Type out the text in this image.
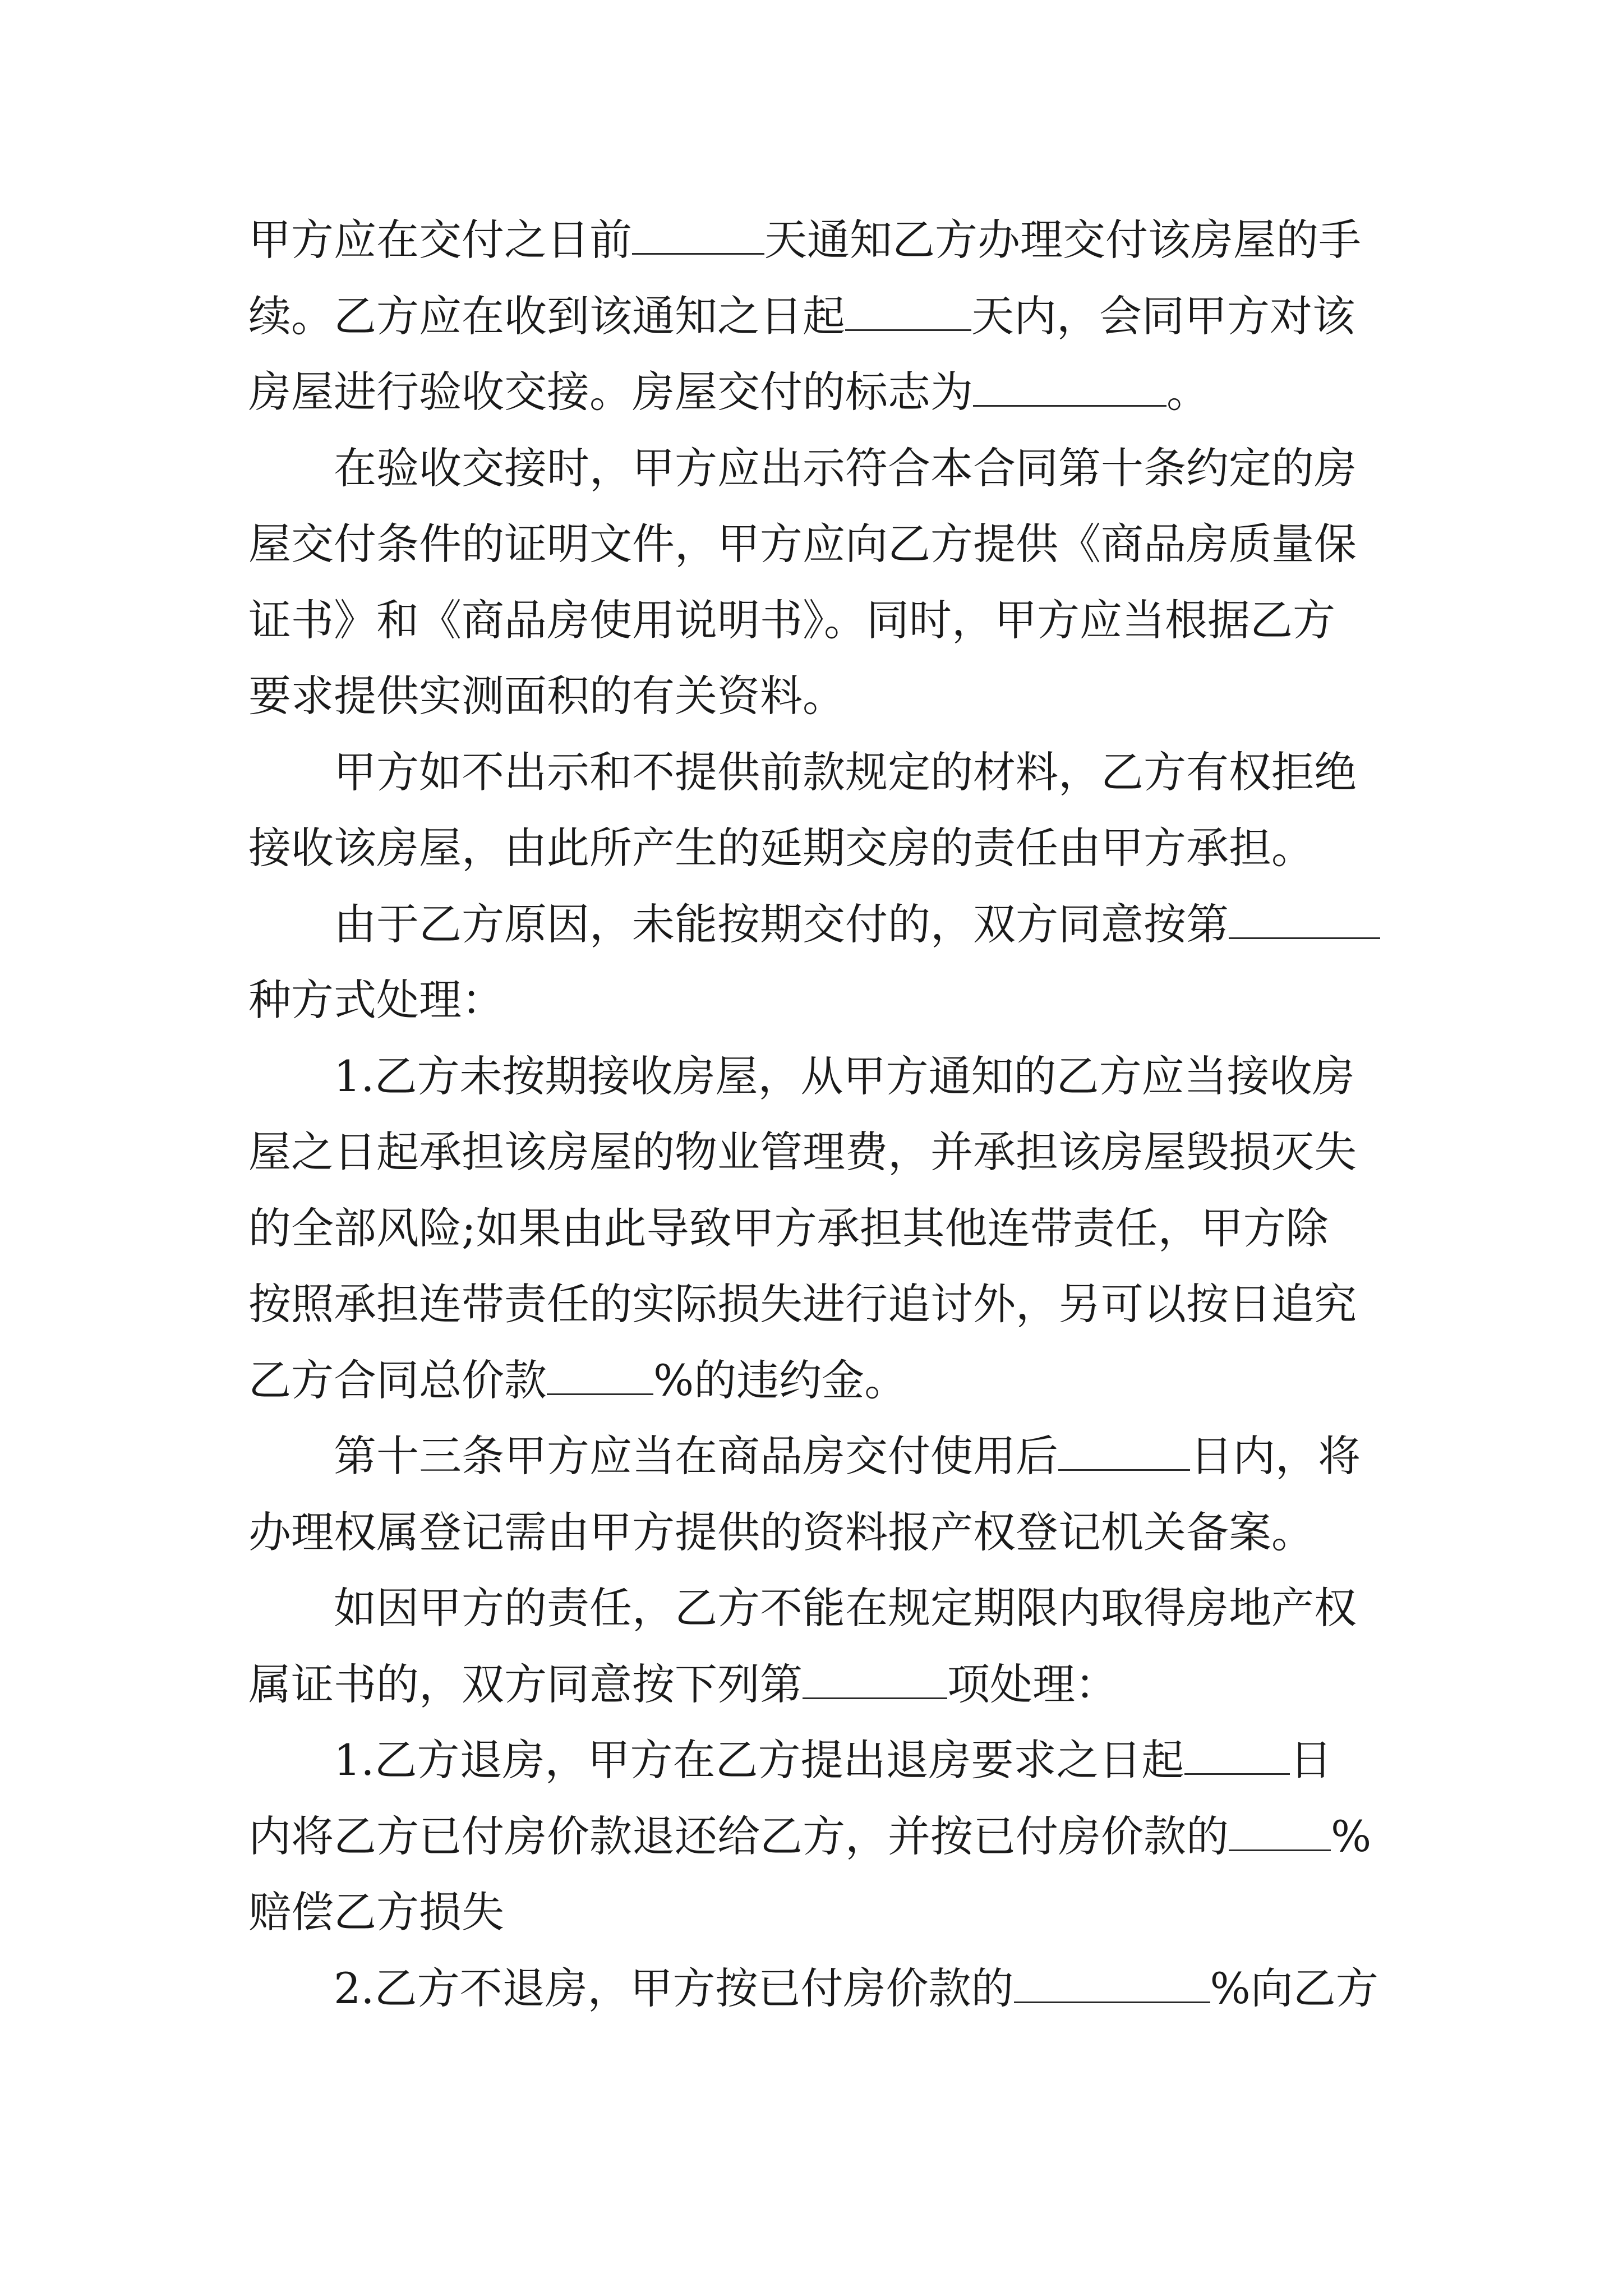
甲方应在交付之日前	天通知乙方办理交付该房屋的手
续。乙方应在收到该通知之日起	天内，会同甲方对该
房屋进行验收交接。房屋交付的标志为	。
在验收交接时，甲方应出示符合本合同第十条约定的房
屋交付条件的证明文件，甲方应向乙方提供《商品房质量保
证书》和《商品房使用说明书》。同时，甲方应当根据乙方
要求提供实测面积的有关资料。
甲方如不出示和不提供前款规定的材料，乙方有权拒绝
接收该房屋，由此所产生的延期交房的责任由甲方承担。
由于乙方原因，未能按期交付的，双方同意按第
种方式处理：
1.乙方未按期接收房屋，从甲方通知的乙方应当接收房
屋之日起承担该房屋的物业管理费，并承担该房屋毁损灭失
的全部风险;如果由此导致甲方承担其他连带责任，甲方除
按照承担连带责任的实际损失进行追讨外，另可以按日追究
乙方合同总价款	%的违约金。
第十三条甲方应当在商品房交付使用后	日内，将
办理权属登记需由甲方提供的资料报产权登记机关备案。
如因甲方的责任，乙方不能在规定期限内取得房地产权
属证书的，双方同意按下列第	项处理：
1.乙方退房，甲方在乙方提出退房要求之日起 日
内将乙方已付房价款退还给乙方，并按已付房价款的 %
赔偿乙方损失
2.乙方不退房，甲方按已付房价款的	%向乙方
